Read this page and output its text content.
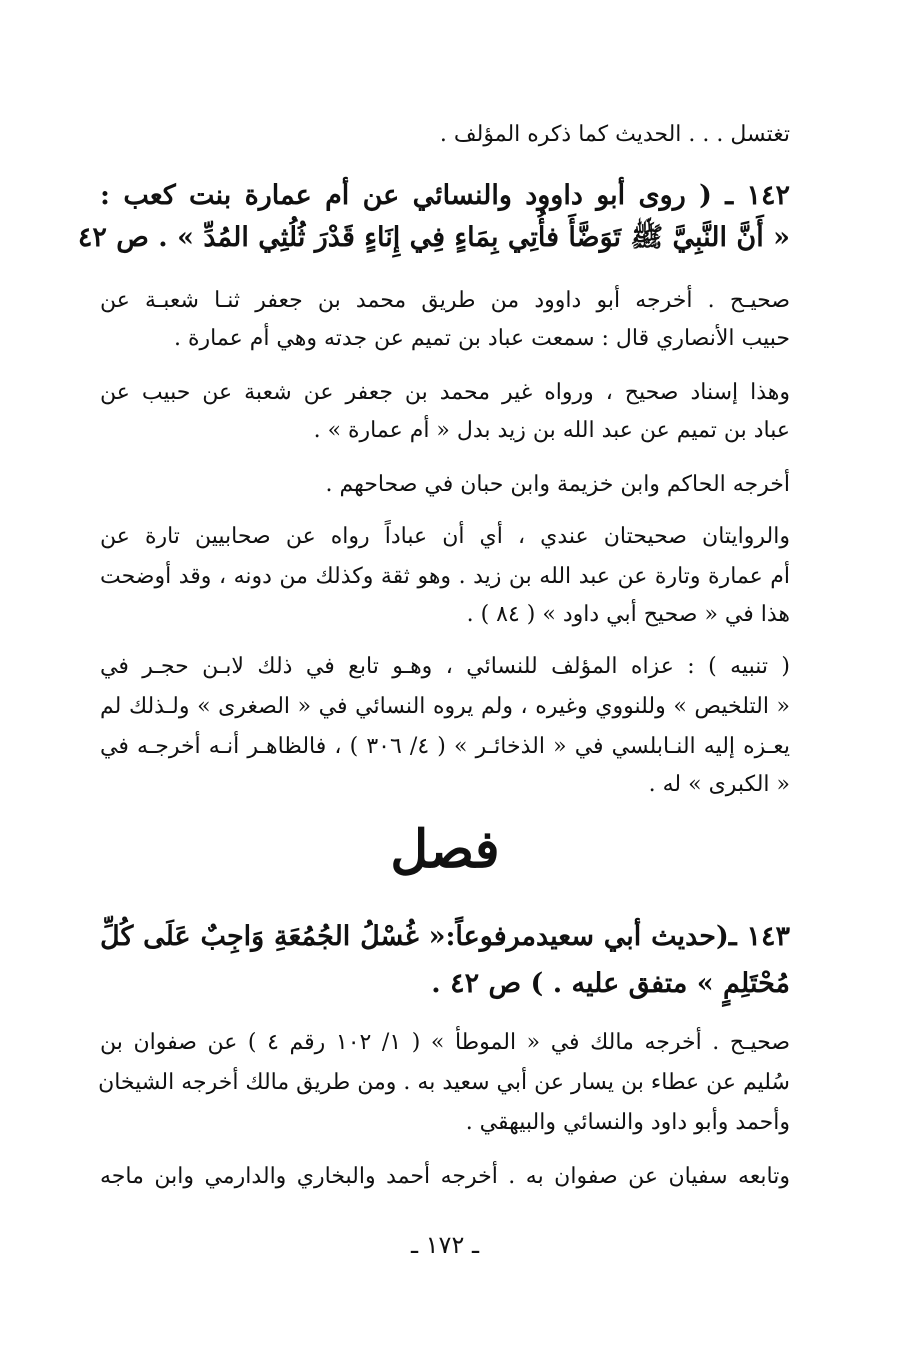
تغتسل . . . الحديث كما ذكره المؤلف .
١٤٢ ـ ( روى أبو داوود والنسائي عن أم عمارة بنت كعب :
« أَنَّ النَّبِيَّ ﷺ تَوَضَّأَ فأُتِي بِمَاءٍ فِي إِنَاءٍ قَدْرَ ثُلُثِي المُدِّ » . ص ٤٢
صحيـح . أخرجه أبو داوود من طريق محمد بن جعفر ثنـا شعبـة عن
حبيب الأنصاري قال : سمعت عباد بن تميم عن جدته وهي أم عمارة .
وهذا إسناد صحيح ، ورواه غير محمد بن جعفر عن شعبة عن حبيب عن
عباد بن تميم عن عبد الله بن زيد بدل « أم عمارة » .
أخرجه الحاكم وابن خزيمة وابن حبان في صحاحهم .
والروايتان صحيحتان عندي ، أي أن عباداً رواه عن صحابيين تارة عن
أم عمارة وتارة عن عبد الله بن زيد . وهو ثقة وكذلك من دونه ، وقد أوضحت
هذا في « صحيح أبي داود » ( ٨٤ ) .
( تنبيه ) : عزاه المؤلف للنسائي ، وهـو تابع في ذلك لابـن حجـر في
« التلخيص » وللنووي وغيره ، ولم يروه النسائي في « الصغرى » ولـذلك لم
يعـزه إليه النـابلسي في « الذخائـر » ( ٤/ ٣٠٦ ) ، فالظاهـر أنـه أخرجـه في
« الكبرى » له .
فصل
١٤٣ ـ(حديث أبي سعيدمرفوعاً:« غُسْلُ الجُمُعَةِ وَاجِبٌ عَلَى كُلِّ
مُحْتَلِمٍ » متفق عليه . ) ص ٤٢ .
صحيـح . أخرجه مالك في « الموطأ » ( ١/ ١٠٢ رقم ٤ ) عن صفوان بن
سُليم عن عطاء بن يسار عن أبي سعيد به . ومن طريق مالك أخرجه الشيخان
وأحمد وأبو داود والنسائي والبيهقي .
وتابعه سفيان عن صفوان به . أخرجه أحمد والبخاري والدارمي وابن ماجه
ـ ١٧٢ ـ
